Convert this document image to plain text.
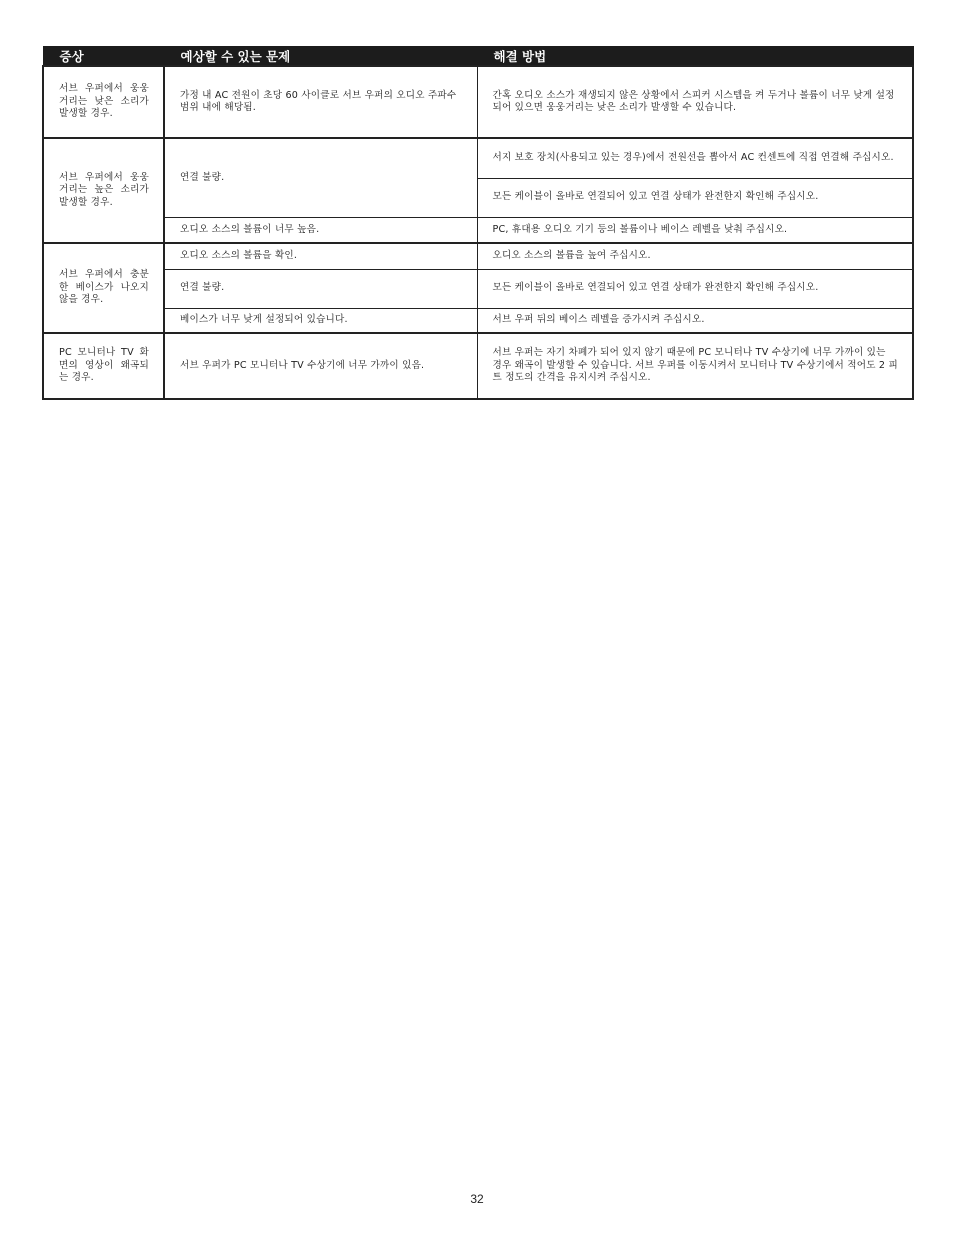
증상	예상할 수 있는 문제	해결 방법
서브 우퍼에서 웅웅거리는 낮은 소리가 발생할 경우.	가정 내 AC 전원이 초당 60 사이클로 서브 우퍼의 오디오 주파수 범위 내에 해당됨.	간혹 오디오 소스가 재생되지 않은 상황에서 스피커 시스템을 켜 두거나 볼륨이 너무 낮게 설정되어 있으면 웅웅거리는 낮은 소리가 발생할 수 있습니다.
서브 우퍼에서 웅웅거리는 높은 소리가 발생할 경우.	연결 불량.	서지 보호 장치(사용되고 있는 경우)에서 전원선을 뽑아서 AC 컨센트에 직접 연결해 주십시오.
		모든 케이블이 올바로 연결되어 있고 연결 상태가 완전한지 확인해 주십시오.
	오디오 소스의 볼륨이 너무 높음.	PC, 휴대용 오디오 기기 등의 볼륨이나 베이스 레벨을 낮춰 주십시오.
서브 우퍼에서 충분한 베이스가 나오지 않을 경우.	오디오 소스의 볼륨을 확인.	오디오 소스의 볼륨을 높여 주십시오.
	연결 불량.	모든 케이블이 올바로 연결되어 있고 연결 상태가 완전한지 확인해 주십시오.
	베이스가 너무 낮게 설정되어 있습니다.	서브 우퍼 뒤의 베이스 레벨을 증가시켜 주십시오.
PC 모니터나 TV 화면의 영상이 왜곡되는 경우.	서브 우퍼가 PC 모니터나 TV 수상기에 너무 가까이 있음.	서브 우퍼는 자기 차폐가 되어 있지 않기 때문에 PC 모니터나 TV 수상기에 너무 가까이 있는 경우 왜곡이 발생할 수 있습니다. 서브 우퍼를 이동시켜서 모니터나 TV 수상기에서 적어도 2 피트 정도의 간격을 유지시켜 주십시오.
32
